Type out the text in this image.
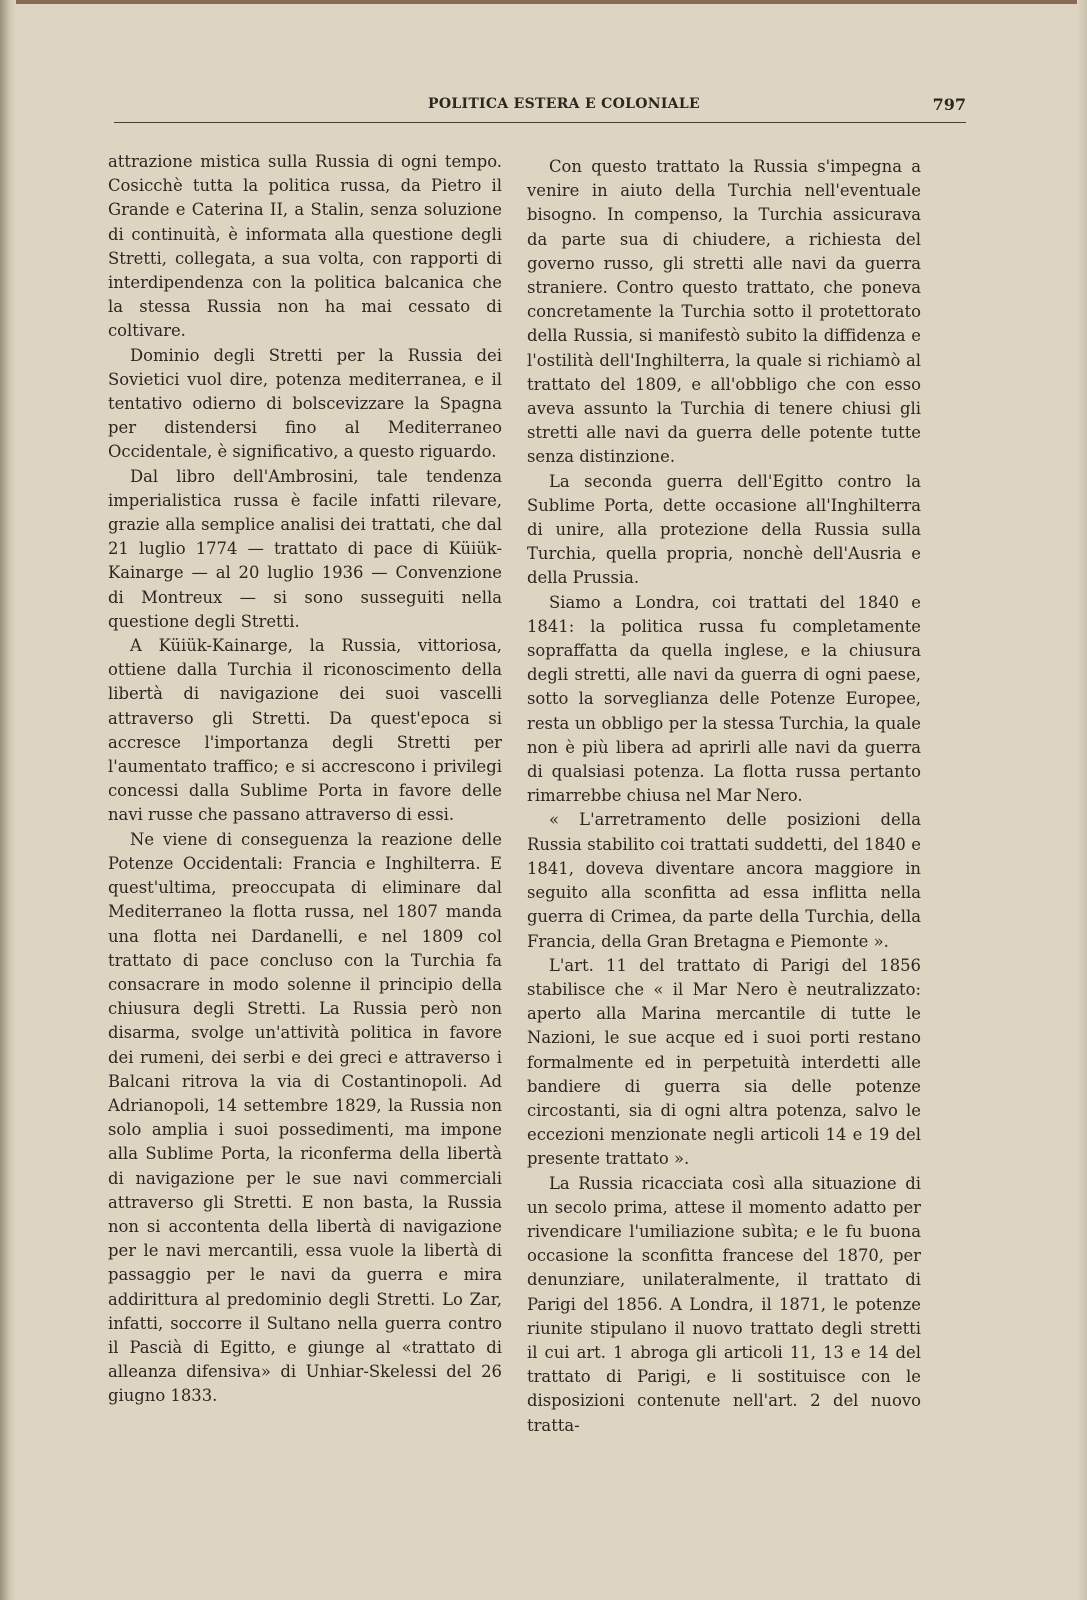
POLITICA ESTERA E COLONIALE	797

attrazione mistica sulla Russia di ogni tempo. Cosicchè tutta la politica russa, da Pietro il Grande e Caterina II, a Stalin, senza soluzione di continuità, è informata alla questione degli Stretti, collegata, a sua volta, con rapporti di interdipendenza con la politica balcanica che la stessa Russia non ha mai cessato di coltivare.

Dominio degli Stretti per la Russia dei Sovietici vuol dire, potenza mediterranea, e il tentativo odierno di bolscevizzare la Spagna per distendersi fino al Mediterraneo Occidentale, è significativo, a questo riguardo.

Dal libro dell'Ambrosini, tale tendenza imperialistica russa è facile infatti rilevare, grazie alla semplice analisi dei trattati, che dal 21 luglio 1774 — trattato di pace di Küiük-Kainarge — al 20 luglio 1936 — Convenzione di Montreux — si sono susseguiti nella questione degli Stretti.

A Küiük-Kainarge, la Russia, vittoriosa, ottiene dalla Turchia il riconoscimento della libertà di navigazione dei suoi vascelli attraverso gli Stretti. Da quest'epoca si accresce l'importanza degli Stretti per l'aumentato traffico; e si accrescono i privilegi concessi dalla Sublime Porta in favore delle navi russe che passano attraverso di essi.

Ne viene di conseguenza la reazione delle Potenze Occidentali: Francia e Inghilterra. E quest'ultima, preoccupata di eliminare dal Mediterraneo la flotta russa, nel 1807 manda una flotta nei Dardanelli, e nel 1809 col trattato di pace concluso con la Turchia fa consacrare in modo solenne il principio della chiusura degli Stretti. La Russia però non disarma, svolge un'attività politica in favore dei rumeni, dei serbi e dei greci e attraverso i Balcani ritrova la via di Costantinopoli. Ad Adrianopoli, 14 settembre 1829, la Russia non solo amplia i suoi possedimenti, ma impone alla Sublime Porta, la riconferma della libertà di navigazione per le sue navi commerciali attraverso gli Stretti. E non basta, la Russia non si accontenta della libertà di navigazione per le navi mercantili, essa vuole la libertà di passaggio per le navi da guerra e mira addirittura al predominio degli Stretti. Lo Zar, infatti, soccorre il Sultano nella guerra contro il Pascià di Egitto, e giunge al «trattato di alleanza difensiva» di Unhiar-Skelessi del 26 giugno 1833.

Con questo trattato la Russia s'impegna a venire in aiuto della Turchia nell'eventuale bisogno. In compenso, la Turchia assicurava da parte sua di chiudere, a richiesta del governo russo, gli stretti alle navi da guerra straniere. Contro questo trattato, che poneva concretamente la Turchia sotto il protettorato della Russia, si manifestò subito la diffidenza e l'ostilità dell'Inghilterra, la quale si richiamò al trattato del 1809, e all'obbligo che con esso aveva assunto la Turchia di tenere chiusi gli stretti alle navi da guerra delle potente tutte senza distinzione.

La seconda guerra dell'Egitto contro la Sublime Porta, dette occasione all'Inghilterra di unire, alla protezione della Russia sulla Turchia, quella propria, nonchè dell'Ausria e della Prussia.

Siamo a Londra, coi trattati del 1840 e 1841: la politica russa fu completamente sopraffatta da quella inglese, e la chiusura degli stretti, alle navi da guerra di ogni paese, sotto la sorveglianza delle Potenze Europee, resta un obbligo per la stessa Turchia, la quale non è più libera ad aprirli alle navi da guerra di qualsiasi potenza. La flotta russa pertanto rimarrebbe chiusa nel Mar Nero.

« L'arretramento delle posizioni della Russia stabilito coi trattati suddetti, del 1840 e 1841, doveva diventare ancora maggiore in seguito alla sconfitta ad essa inflitta nella guerra di Crimea, da parte della Turchia, della Francia, della Gran Bretagna e Piemonte ».

L'art. 11 del trattato di Parigi del 1856 stabilisce che « il Mar Nero è neutralizzato: aperto alla Marina mercantile di tutte le Nazioni, le sue acque ed i suoi porti restano formalmente ed in perpetuità interdetti alle bandiere di guerra sia delle potenze circostanti, sia di ogni altra potenza, salvo le eccezioni menzionate negli articoli 14 e 19 del presente trattato ».

La Russia ricacciata così alla situazione di un secolo prima, attese il momento adatto per rivendicare l'umiliazione subìta; e le fu buona occasione la sconfitta francese del 1870, per denunziare, unilateralmente, il trattato di Parigi del 1856. A Londra, il 1871, le potenze riunite stipulano il nuovo trattato degli stretti il cui art. 1 abroga gli articoli 11, 13 e 14 del trattato di Parigi, e li sostituisce con le disposizioni contenute nell'art. 2 del nuovo tratta-
